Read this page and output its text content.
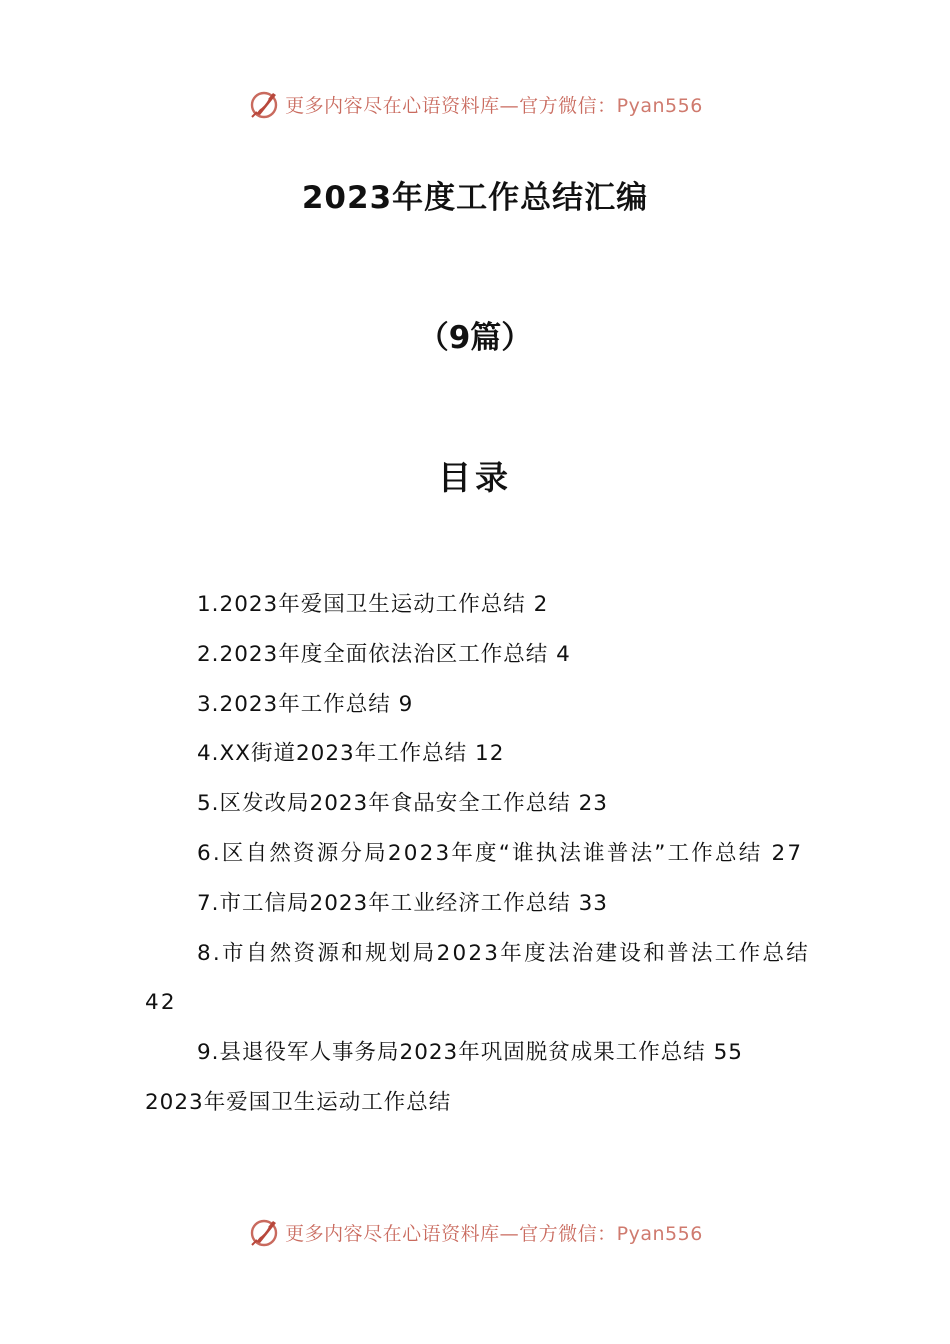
更多内容尽在心语资料库—官方微信：Pyan556
2023年度工作总结汇编
（9篇）
目录

1.2023年爱国卫生运动工作总结 2

2.2023年度全面依法治区工作总结 4

3.2023年工作总结 9

4.XX街道2023年工作总结 12

5.区发改局2023年食品安全工作总结 23

6.区自然资源分局2023年度“谁执法谁普法”工作总结 27

7.市工信局2023年工业经济工作总结 33

8.市自然资源和规划局2023年度法治建设和普法工作总结 42

9.县退役军人事务局2023年巩固脱贫成果工作总结 55

2023年爱国卫生运动工作总结

更多内容尽在心语资料库—官方微信：Pyan556
